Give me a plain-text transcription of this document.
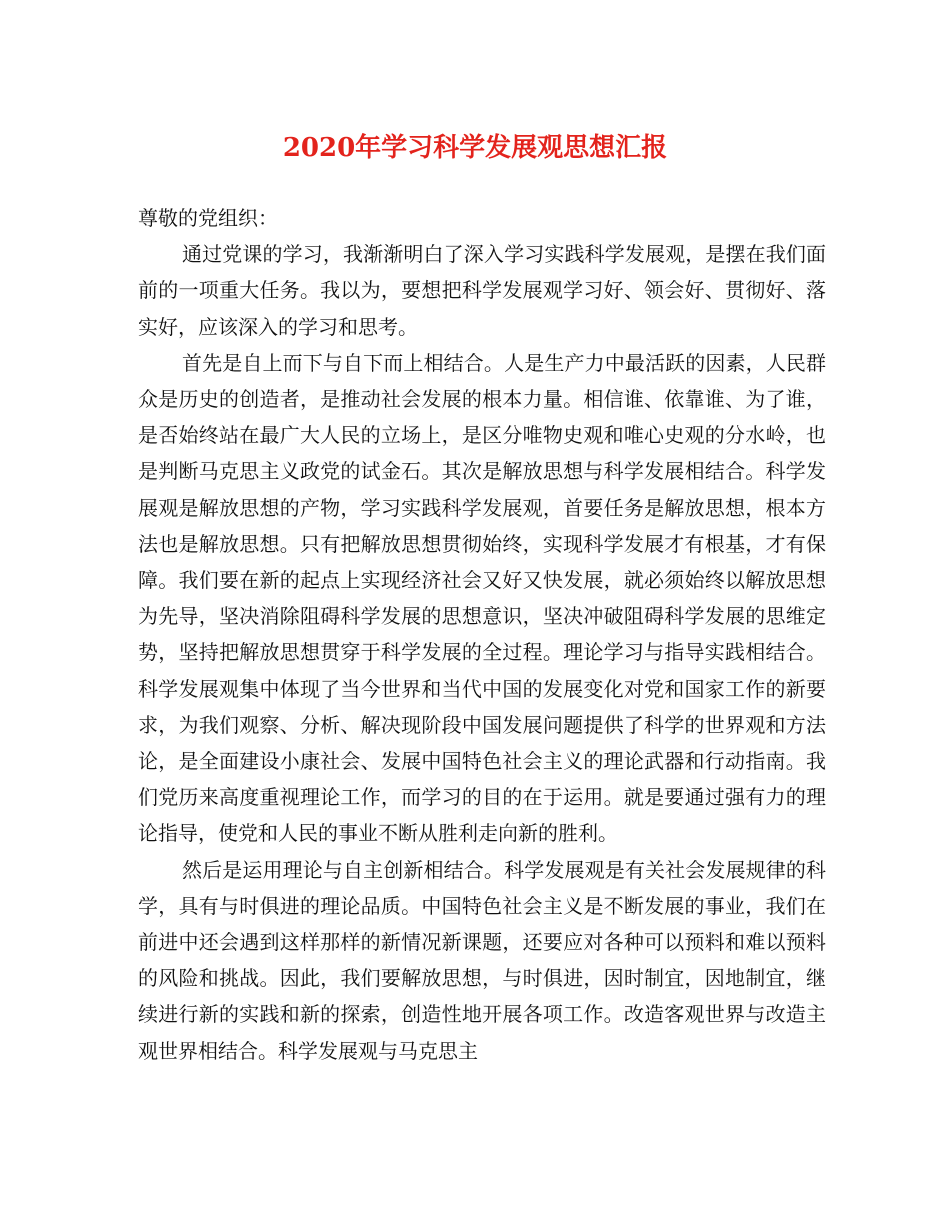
2020年学习科学发展观思想汇报

尊敬的党组织：

通过党课的学习，我渐渐明白了深入学习实践科学发展观，是摆在我们面前的一项重大任务。我以为，要想把科学发展观学习好、领会好、贯彻好、落实好，应该深入的学习和思考。

首先是自上而下与自下而上相结合。人是生产力中最活跃的因素，人民群众是历史的创造者，是推动社会发展的根本力量。相信谁、依靠谁、为了谁，是否始终站在最广大人民的立场上，是区分唯物史观和唯心史观的分水岭，也是判断马克思主义政党的试金石。其次是解放思想与科学发展相结合。科学发展观是解放思想的产物，学习实践科学发展观，首要任务是解放思想，根本方法也是解放思想。只有把解放思想贯彻始终，实现科学发展才有根基，才有保障。我们要在新的起点上实现经济社会又好又快发展，就必须始终以解放思想为先导，坚决消除阻碍科学发展的思想意识，坚决冲破阻碍科学发展的思维定势，坚持把解放思想贯穿于科学发展的全过程。理论学习与指导实践相结合。科学发展观集中体现了当今世界和当代中国的发展变化对党和国家工作的新要求，为我们观察、分析、解决现阶段中国发展问题提供了科学的世界观和方法论，是全面建设小康社会、发展中国特色社会主义的理论武器和行动指南。我们党历来高度重视理论工作，而学习的目的在于运用。就是要通过强有力的理论指导，使党和人民的事业不断从胜利走向新的胜利。

然后是运用理论与自主创新相结合。科学发展观是有关社会发展规律的科学，具有与时俱进的理论品质。中国特色社会主义是不断发展的事业，我们在前进中还会遇到这样那样的新情况新课题，还要应对各种可以预料和难以预料的风险和挑战。因此，我们要解放思想，与时俱进，因时制宜，因地制宜，继续进行新的实践和新的探索，创造性地开展各项工作。改造客观世界与改造主观世界相结合。科学发展观与马克思主
